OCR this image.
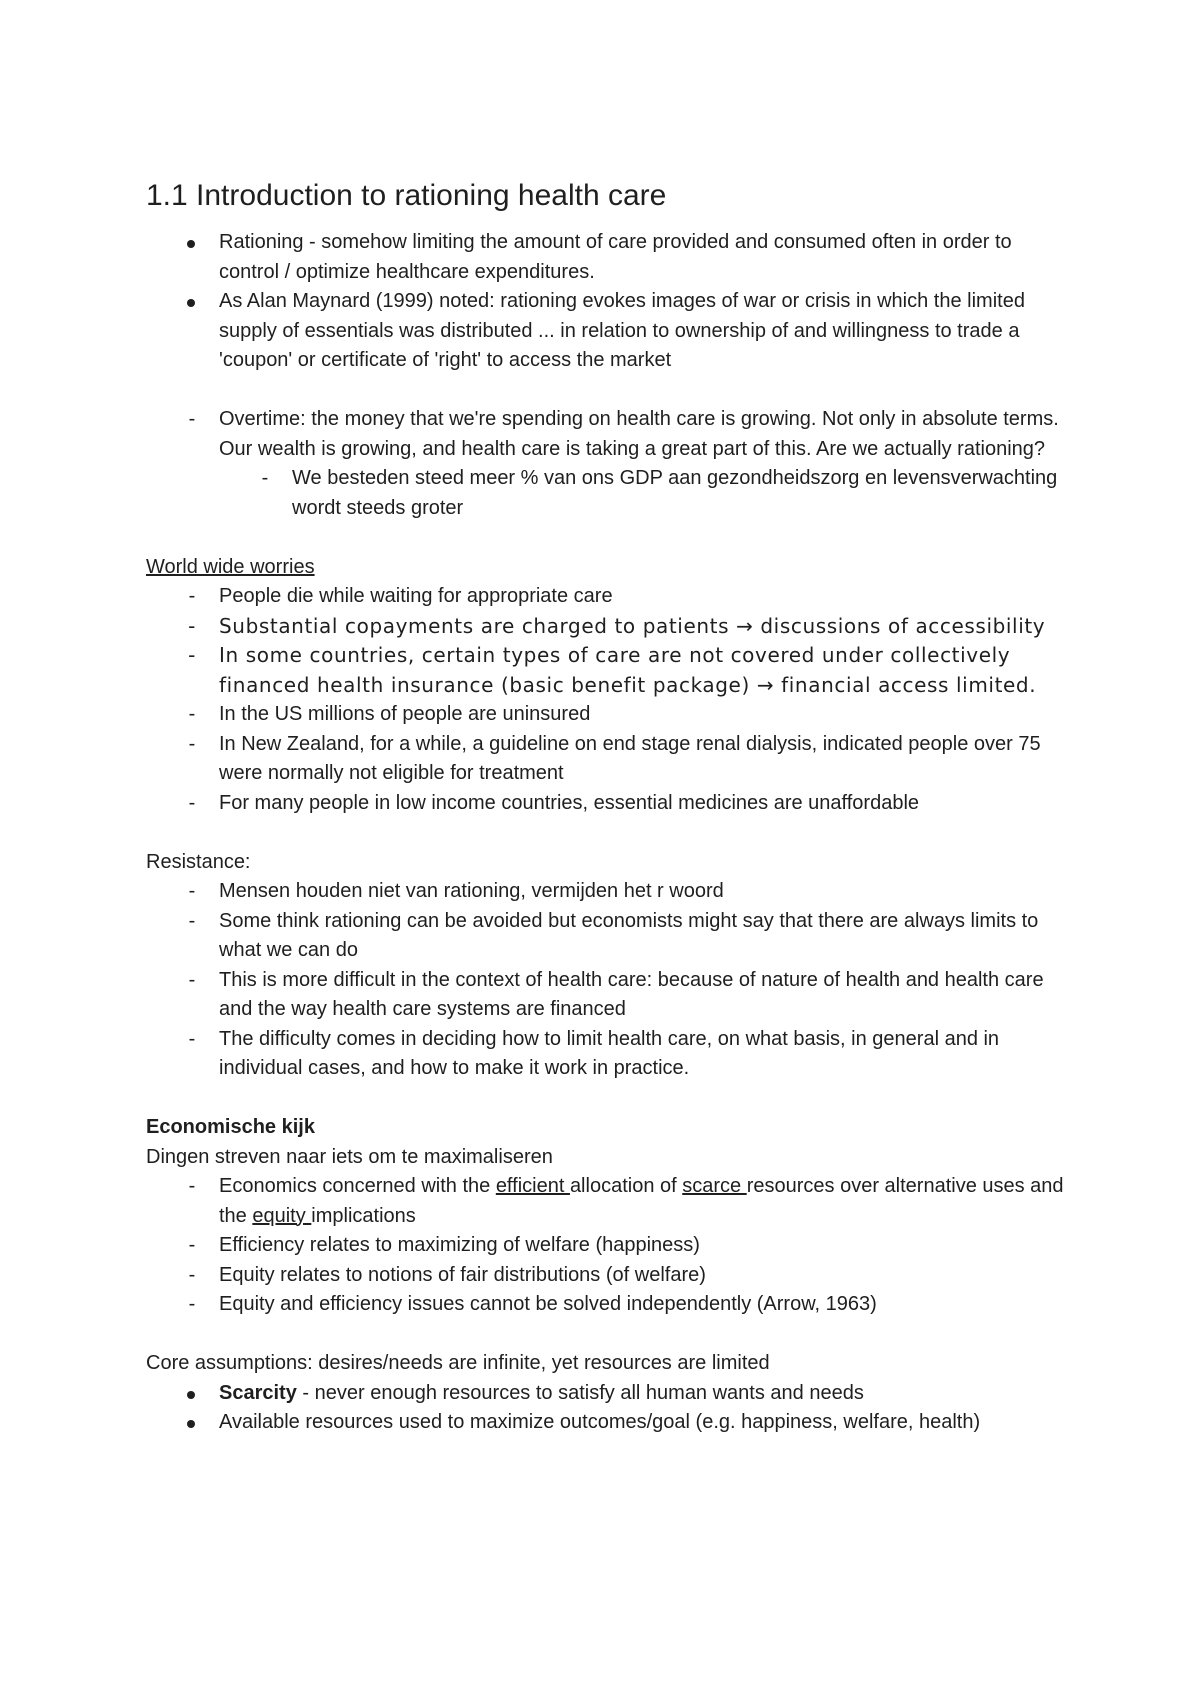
1.1 Introduction to rationing health care
Rationing - somehow limiting the amount of care provided and consumed often in order to control / optimize healthcare expenditures.
As Alan Maynard (1999) noted: rationing evokes images of war or crisis in which the limited supply of essentials was distributed ... in relation to ownership of and willingness to trade a 'coupon' or certificate of 'right' to access the market
-
Overtime: the money that we're spending on health care is growing. Not only in absolute terms. Our wealth is growing, and health care is taking a great part of this. Are we actually rationing?
-
We besteden steed meer % van ons GDP aan gezondheidszorg en levensverwachting wordt steeds groter

World wide worries

-
People die while waiting for appropriate care
-
Substantial copayments are charged to patients → discussions of accessibility
-
In some countries, certain types of care are not covered under collectively financed health insurance (basic benefit package) → financial access limited.
-
In the US millions of people are uninsured
-
In New Zealand, for a while, a guideline on end stage renal dialysis, indicated people over 75 were normally not eligible for treatment
-
For many people in low income countries, essential medicines are unaffordable

Resistance:

-
Mensen houden niet van rationing, vermijden het r woord
-
Some think rationing can be avoided but economists might say that there are always limits to what we can do
-
This is more difficult in the context of health care: because of nature of health and health care and the way health care systems are financed
-
The difficulty comes in deciding how to limit health care, on what basis, in general and in individual cases, and how to make it work in practice.

Economische kijk

Dingen streven naar iets om te maximaliseren

-
Economics concerned with the efficient allocation of scarce resources over alternative uses and the equity implications
-
Efficiency relates to maximizing of welfare (happiness)
-
Equity relates to notions of fair distributions (of welfare)
-
Equity and efficiency issues cannot be solved independently (Arrow, 1963)

Core assumptions: desires/needs are infinite, yet resources are limited

Scarcity - never enough resources to satisfy all human wants and needs
Available resources used to maximize outcomes/goal (e.g. happiness, welfare, health)
